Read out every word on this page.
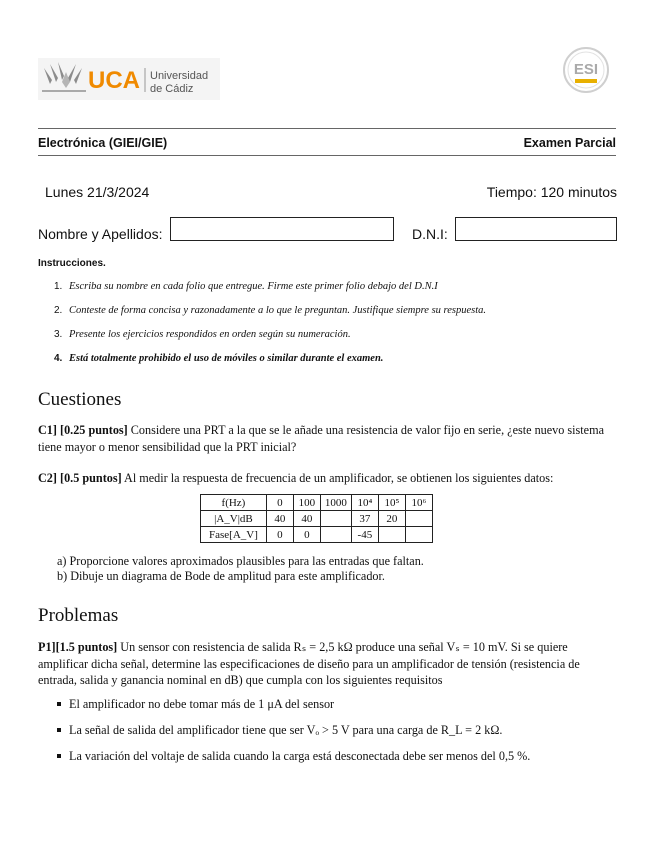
UCA Universidad
de Cádiz
ESI
Electrónica (GIEI/GIE)	Examen Parcial
Lunes 21/3/2024	Tiempo: 120 minutos
Nombre y Apellidos:	D.N.I:
Instrucciones.
1. Escriba su nombre en cada folio que entregue. Firme este primer folio debajo del D.N.I
2. Conteste de forma concisa y razonadamente a lo que le preguntan. Justifique siempre su respuesta.
3. Presente los ejercicios respondidos en orden según su numeración.
4. Está totalmente prohibido el uso de móviles o similar durante el examen.
Cuestiones
C1] [0.25 puntos] Considere una PRT a la que se le añade una resistencia de valor fijo en serie, ¿este nuevo sistema tiene mayor o menor sensibilidad que la PRT inicial?
C2] [0.5 puntos] Al medir la respuesta de frecuencia de un amplificador, se obtienen los siguientes datos:
f(Hz)	0	100	1000	10⁴	10⁵	10⁶
|A_V|dB	40	40		37	20	
Fase[A_V]	0	0		-45		
a) Proporcione valores aproximados plausibles para las entradas que faltan.
b) Dibuje un diagrama de Bode de amplitud para este amplificador.
Problemas
P1][1.5 puntos] Un sensor con resistencia de salida Rₛ = 2,5 kΩ produce una señal Vₛ = 10 mV. Si se quiere amplificar dicha señal, determine las especificaciones de diseño para un amplificador de tensión (resistencia de entrada, salida y ganancia nominal en dB) que cumpla con los siguientes requisitos
El amplificador no debe tomar más de 1 μA del sensor
La señal de salida del amplificador tiene que ser Vₒ > 5 V para una carga de R_L = 2 kΩ.
La variación del voltaje de salida cuando la carga está desconectada debe ser menos del 0,5 %.
